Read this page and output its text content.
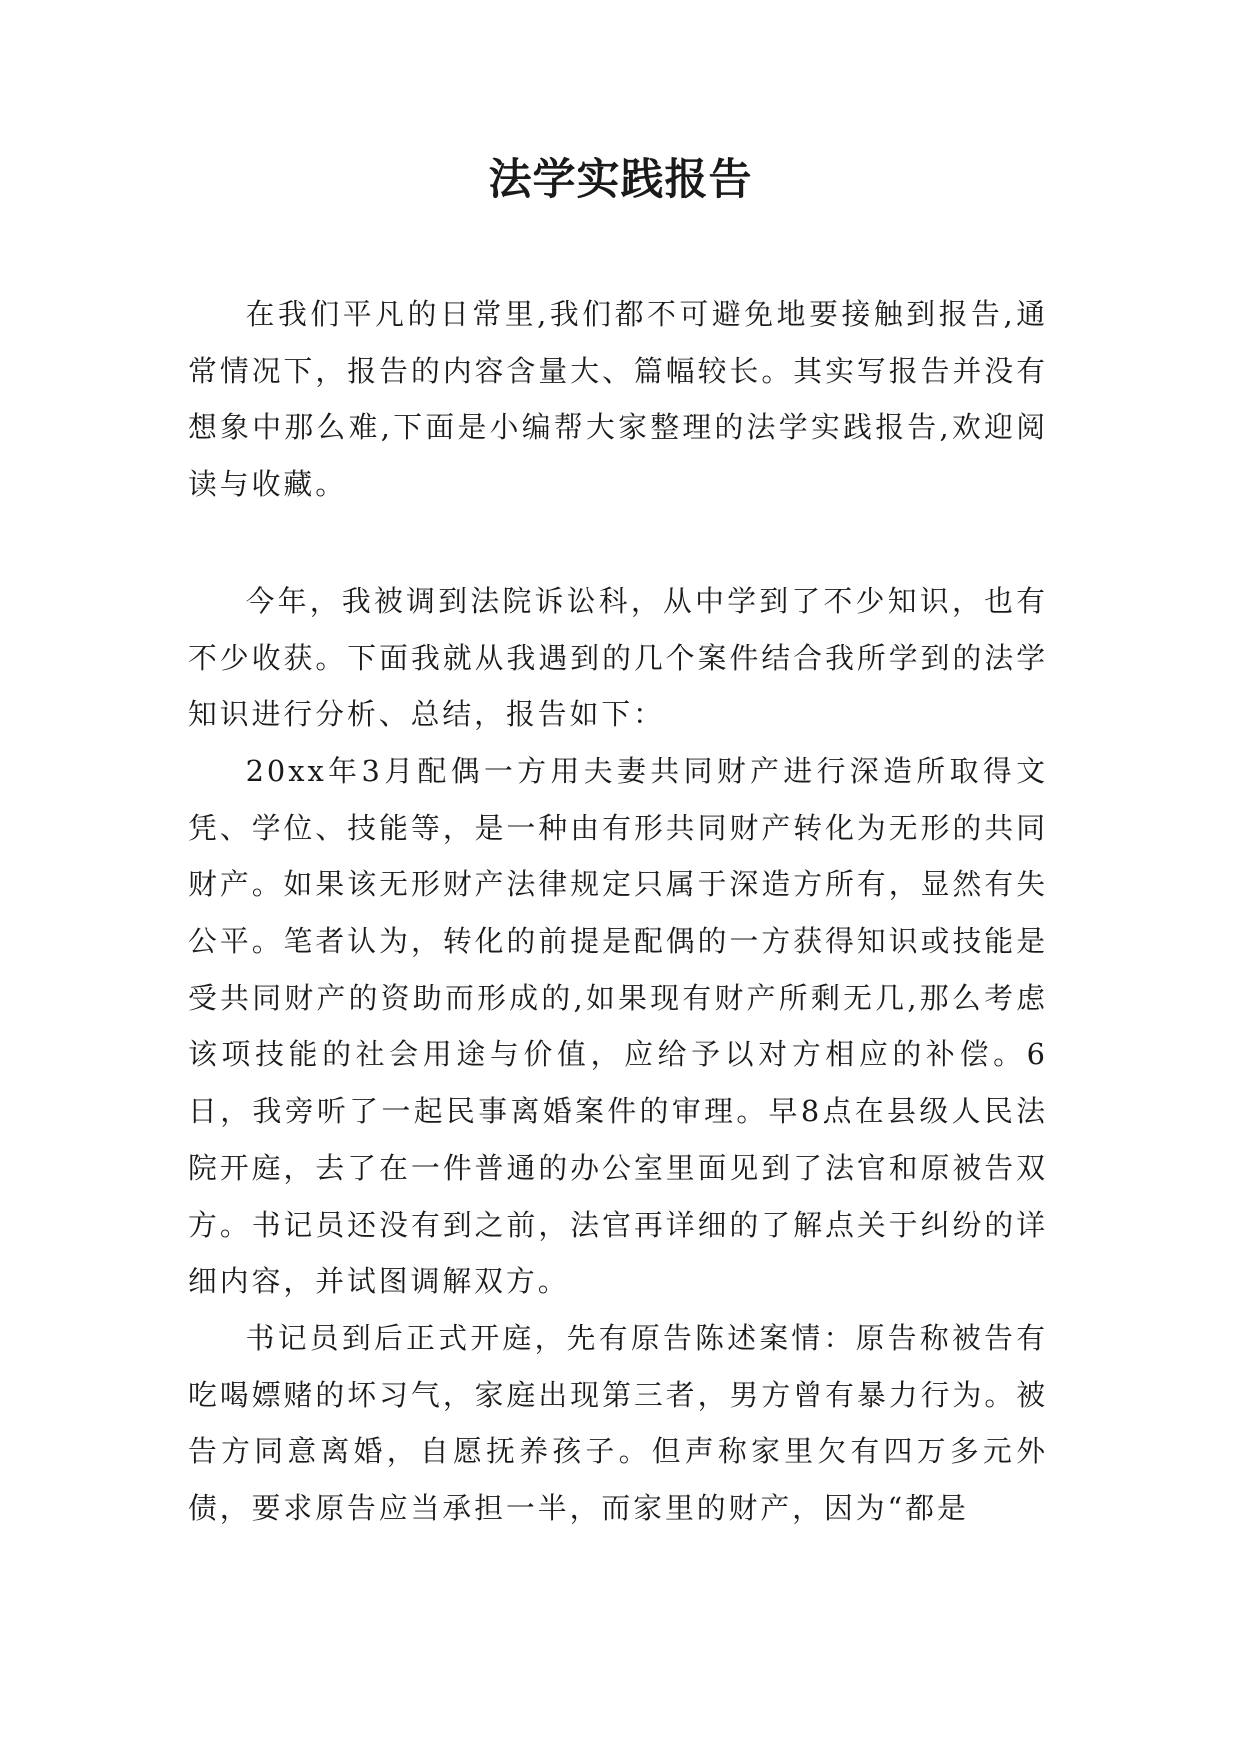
法学实践报告

在我们平凡的日常里,我们都不可避免地要接触到报告,通常情况下，报告的内容含量大、篇幅较长。其实写报告并没有想象中那么难,下面是小编帮大家整理的法学实践报告,欢迎阅读与收藏。

今年，我被调到法院诉讼科，从中学到了不少知识，也有不少收获。下面我就从我遇到的几个案件结合我所学到的法学知识进行分析、总结，报告如下：

20xx年3月配偶一方用夫妻共同财产进行深造所取得文凭、学位、技能等，是一种由有形共同财产转化为无形的共同财产。如果该无形财产法律规定只属于深造方所有，显然有失公平。笔者认为，转化的前提是配偶的一方获得知识或技能是受共同财产的资助而形成的,如果现有财产所剩无几,那么考虑该项技能的社会用途与价值，应给予以对方相应的补偿。6日，我旁听了一起民事离婚案件的审理。早8点在县级人民法院开庭，去了在一件普通的办公室里面见到了法官和原被告双方。书记员还没有到之前，法官再详细的了解点关于纠纷的详细内容，并试图调解双方。

书记员到后正式开庭，先有原告陈述案情：原告称被告有吃喝嫖赌的坏习气，家庭出现第三者，男方曾有暴力行为。被告方同意离婚，自愿抚养孩子。但声称家里欠有四万多元外债，要求原告应当承担一半，而家里的财产，因为“都是
